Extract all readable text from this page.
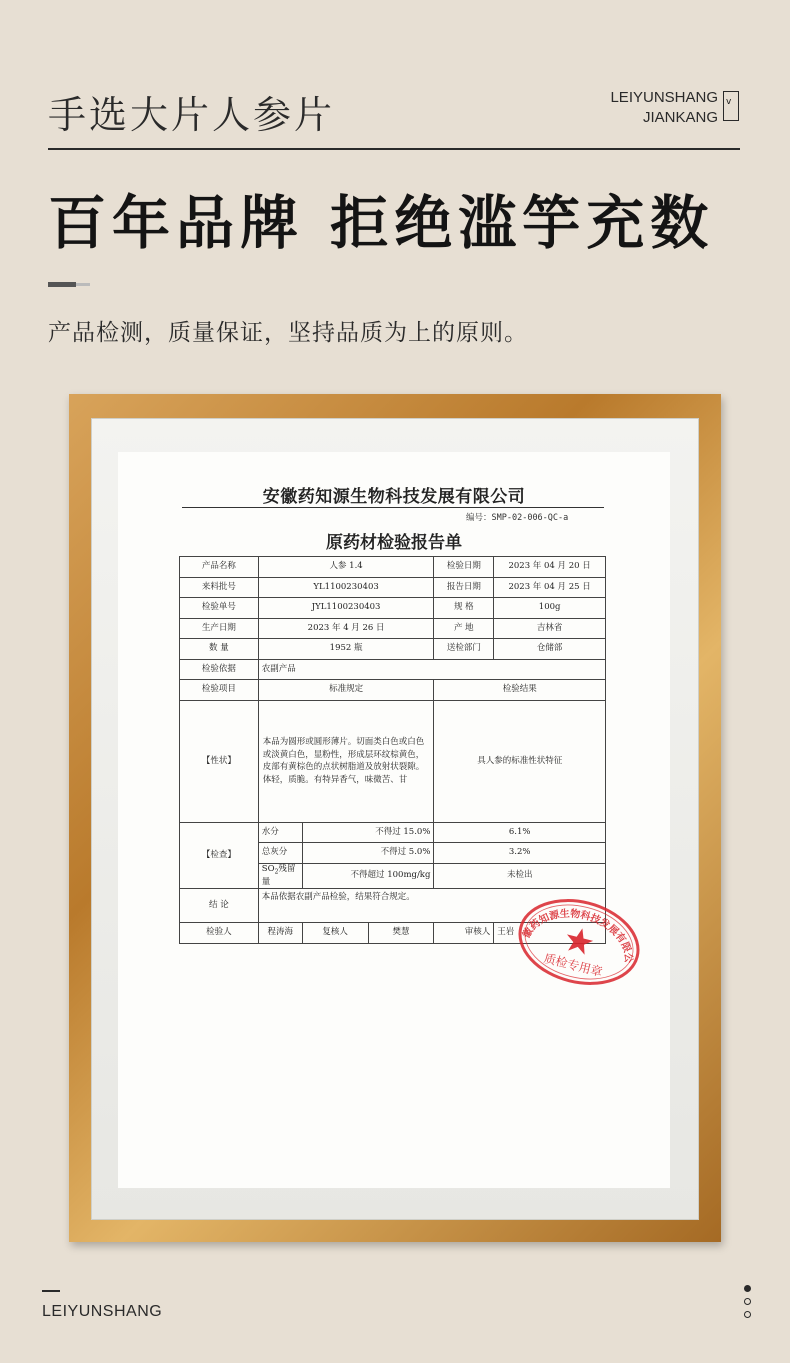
手选大片人参片	LEIYUNSHANG
JIANKANG
v
百年品牌 拒绝滥竽充数
产品检测，质量保证，坚持品质为上的原则。
安徽药知源生物科技发展有限公司
编号：SMP-02-006-QC-a
原药材检验报告单
产品名称	人参 1.4			检验日期	2023 年 04 月 20 日
来料批号	YL1100230403			报告日期	2023 年 04 月 25 日
检验单号	JYL1100230403			规 格	100g
生产日期	2023 年 4 月 26 日			产 地	吉林省
数 量	1952 瓶			送检部门	仓储部
检验依据	农副产品				
检验项目	标准规定			检验结果	
【性状】	本品为圆形或圆形薄片。切面类白色或白色或淡黄白色，显粉性，形成层环纹棕黄色，皮部有黄棕色的点状树脂道及放射状裂隙。体轻，质脆。有特异香气，味微苦、甘			具人参的标准性状特征	
【检查】	水分	不得过 15.0%		6.1%	
	总灰分	不得过 5.0%		3.2%	
	$SO_2$残留量	不得超过 100mg/kg		未检出	
结 论	本品依据农副产品检验，结果符合规定。				
检验人	程涛海	复核人	樊慧	审核人	王岩
安徽药知源生物科技发展有限公司
质检专用章
LEIYUNSHANG
